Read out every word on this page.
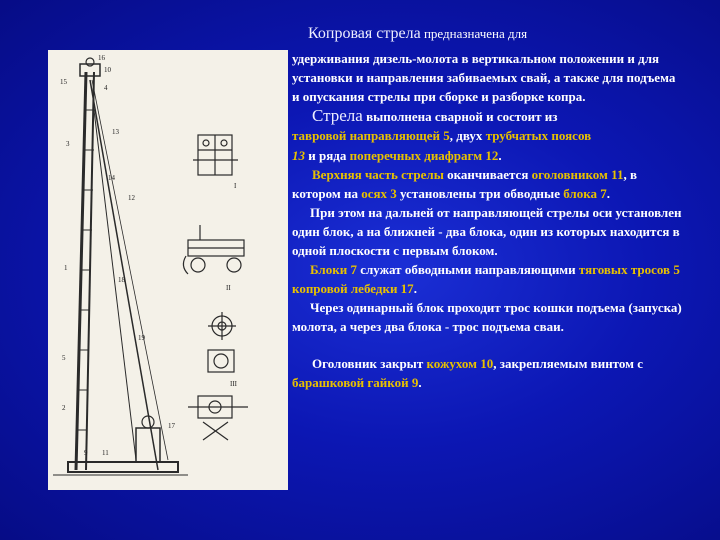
16
10
15
4
13
3
14
12
1
17
18
19
5
2
11
9
I
II
III

Копровая стрела предназначена для

удерживания дизель-молота в вертикальном положении и для установки и направления забиваемых свай, а также для подъема и опускания стрелы при сборке и разборке копра.

Стрела выполнена сварной и состоит из

тавровой направляющей 5, двух трубчатых поясов
13 и ряда поперечных диафрагм 12.

Верхняя часть стрелы оканчивается оголовником 11, в котором на осях 3 установлены три обводные блока 7.

При этом на дальней от направляющей стрелы оси установлен один блок, а на ближней - два блока, один из которых находится в одной плоскости с первым блоком.

Блоки 7 служат обводными направляющими тяговых тросов 5 копровой лебедки 17.

Через одинарный блок проходит трос кошки подъема (запуска) молота, а через два блока - трос подъема сваи.

Оголовник закрыт кожухом 10, закрепляемым винтом с барашковой гайкой 9.
